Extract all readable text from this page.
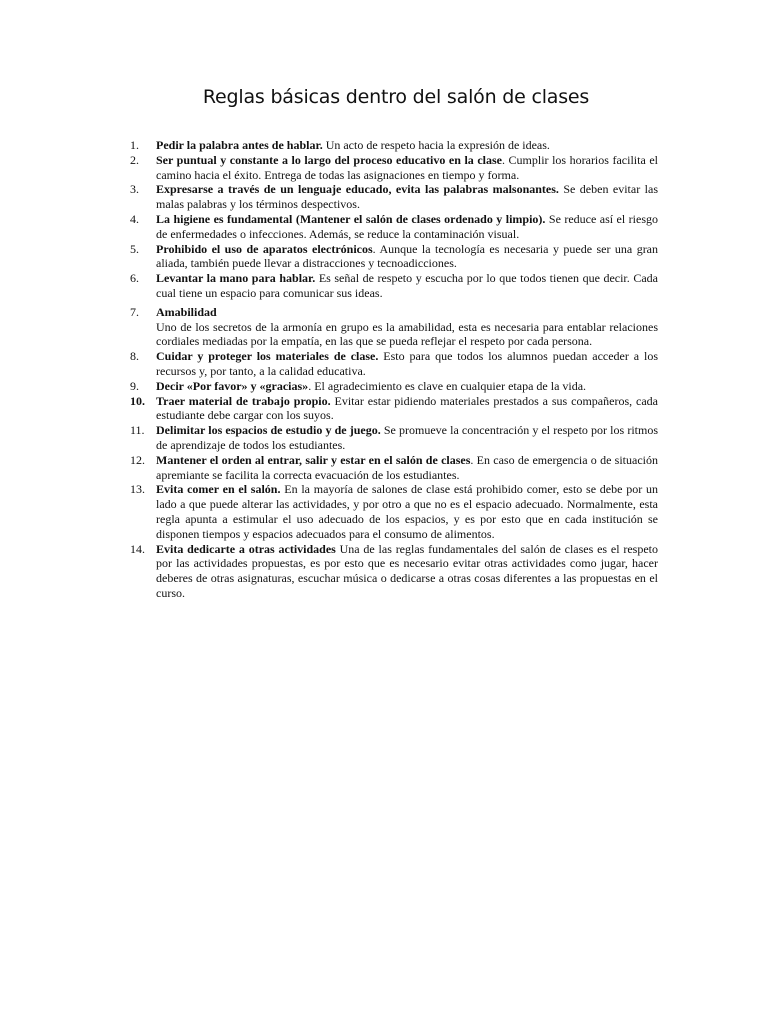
Reglas básicas dentro del salón de clases
1. Pedir la palabra antes de hablar. Un acto de respeto hacia la expresión de ideas.
2. Ser puntual y constante a lo largo del proceso educativo en la clase. Cumplir los horarios facilita el camino hacia el éxito. Entrega de todas las asignaciones en tiempo y forma.
3. Expresarse a través de un lenguaje educado, evita las palabras malsonantes. Se deben evitar las malas palabras y los términos despectivos.
4. La higiene es fundamental (Mantener el salón de clases ordenado y limpio). Se reduce así el riesgo de enfermedades o infecciones. Además, se reduce la contaminación visual.
5. Prohibido el uso de aparatos electrónicos. Aunque la tecnología es necesaria y puede ser una gran aliada, también puede llevar a distracciones y tecnoadicciones.
6. Levantar la mano para hablar. Es señal de respeto y escucha por lo que todos tienen que decir. Cada cual tiene un espacio para comunicar sus ideas.
7. Amabilidad
Uno de los secretos de la armonía en grupo es la amabilidad, esta es necesaria para entablar relaciones cordiales mediadas por la empatía, en las que se pueda reflejar el respeto por cada persona.
8. Cuidar y proteger los materiales de clase. Esto para que todos los alumnos puedan acceder a los recursos y, por tanto, a la calidad educativa.
9. Decir «Por favor» y «gracias». El agradecimiento es clave en cualquier etapa de la vida.
10. Traer material de trabajo propio. Evitar estar pidiendo materiales prestados a sus compañeros, cada estudiante debe cargar con los suyos.
11. Delimitar los espacios de estudio y de juego. Se promueve la concentración y el respeto por los ritmos de aprendizaje de todos los estudiantes.
12. Mantener el orden al entrar, salir y estar en el salón de clases. En caso de emergencia o de situación apremiante se facilita la correcta evacuación de los estudiantes.
13. Evita comer en el salón. En la mayoría de salones de clase está prohibido comer, esto se debe por un lado a que puede alterar las actividades, y por otro a que no es el espacio adecuado. Normalmente, esta regla apunta a estimular el uso adecuado de los espacios, y es por esto que en cada institución se disponen tiempos y espacios adecuados para el consumo de alimentos.
14. Evita dedicarte a otras actividades Una de las reglas fundamentales del salón de clases es el respeto por las actividades propuestas, es por esto que es necesario evitar otras actividades como jugar, hacer deberes de otras asignaturas, escuchar música o dedicarse a otras cosas diferentes a las propuestas en el curso.
